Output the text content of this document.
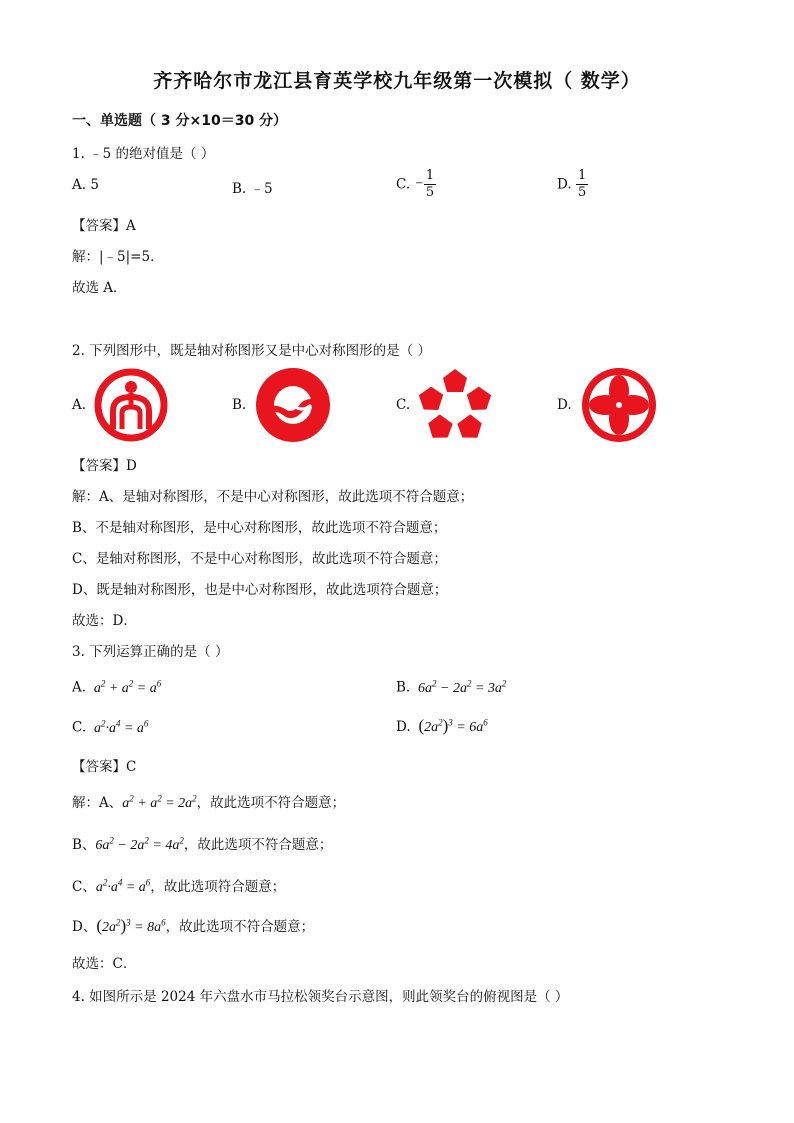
齐齐哈尔市龙江县育英学校九年级第一次模拟（ 数学）
一、单选题（ 3 分×10＝30 分）
1. ﹣5 的绝对值是（ ）
A. 5	B. ﹣5	C. − $\frac{1}{5}$	D. $\frac{1}{5}$
【答案】A
解：|﹣5|=5．
故选 A．
2. 下列图形中，既是轴对称图形又是中心对称图形的是（ ）
A.	B.	C.	D.
【答案】D
解：A、是轴对称图形，不是中心对称图形，故此选项不符合题意；
B、不是轴对称图形，是中心对称图形，故此选项不符合题意；
C、是轴对称图形，不是中心对称图形，故此选项不符合题意；
D、既是轴对称图形，也是中心对称图形，故此选项符合题意；
故选：D．
3. 下列运算正确的是（ ）
A.  $a^2 + a^2 = a^6$	B.  $6a^2 - 2a^2 = 3a^2$
C.  $a^2\cdot a^4 = a^6$	D. $(2a^2)^3 = 6a^6$
【答案】C
解：A、$a^2 + a^2 = 2a^2$，故此选项不符合题意；
B、$6a^2 - 2a^2 = 4a^2$，故此选项不符合题意；
C、$a^2\cdot a^4 = a^6$，故此选项符合题意；
D、$(2a^2)^3 = 8a^6$，故此选项不符合题意；
故选：C．
4. 如图所示是 2024 年六盘水市马拉松领奖台示意图，则此领奖台的俯视图是（ ）
